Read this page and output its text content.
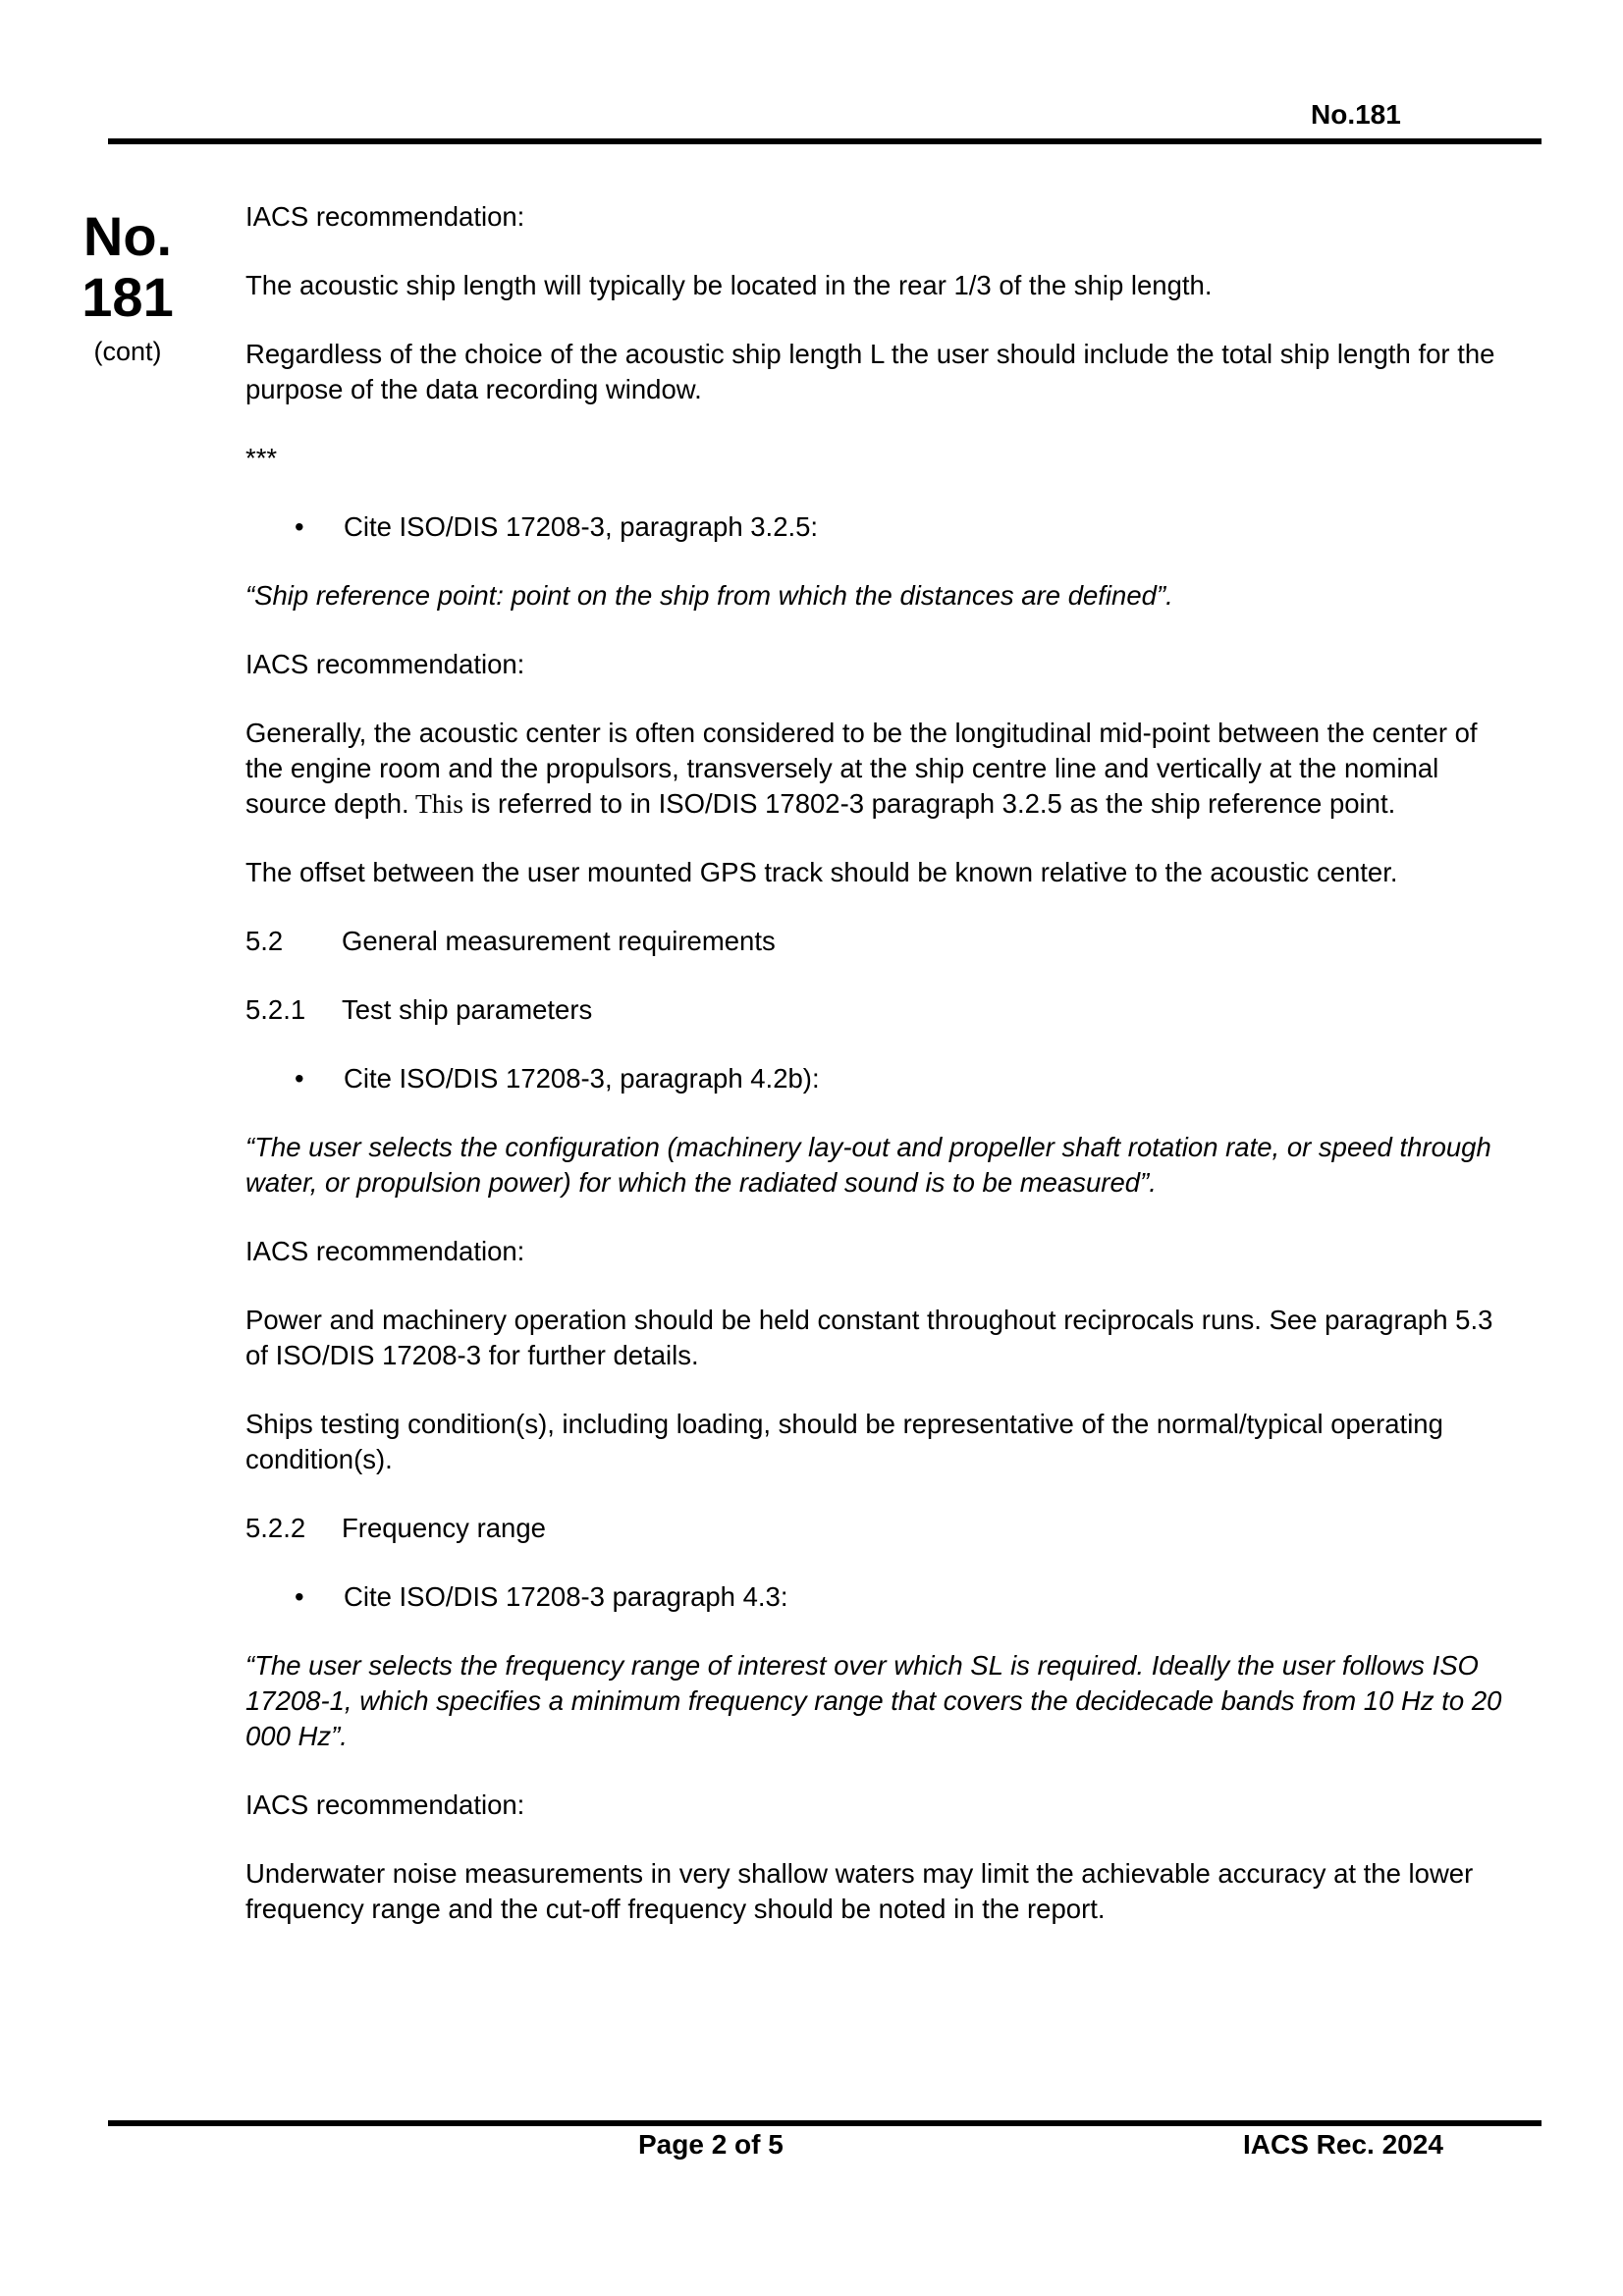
No.181
No.
181
(cont)

IACS recommendation:

The acoustic ship length will typically be located in the rear 1/3 of the ship length.

Regardless of the choice of the acoustic ship length L the user should include the total ship length for the purpose of the data recording window.

***

• Cite ISO/DIS 17208-3, paragraph 3.2.5:

“Ship reference point: point on the ship from which the distances are defined”.

IACS recommendation:

Generally, the acoustic center is often considered to be the longitudinal mid-point between the center of the engine room and the propulsors, transversely at the ship centre line and vertically at the nominal source depth. This is referred to in ISO/DIS 17802-3 paragraph 3.2.5 as the ship reference point.

The offset between the user mounted GPS track should be known relative to the acoustic center.

5.2	General measurement requirements
5.2.1	Test ship parameters
• Cite ISO/DIS 17208-3, paragraph 4.2b):

“The user selects the configuration (machinery lay-out and propeller shaft rotation rate, or speed through water, or propulsion power) for which the radiated sound is to be measured”.

IACS recommendation:

Power and machinery operation should be held constant throughout reciprocals runs. See paragraph 5.3 of ISO/DIS 17208-3 for further details.

Ships testing condition(s), including loading, should be representative of the normal/typical operating condition(s).

5.2.2	Frequency range
• Cite ISO/DIS 17208-3 paragraph 4.3:

“The user selects the frequency range of interest over which SL is required. Ideally the user follows ISO 17208-1, which specifies a minimum frequency range that covers the decidecade bands from 10 Hz to 20 000 Hz”.

IACS recommendation:

Underwater noise measurements in very shallow waters may limit the achievable accuracy at the lower frequency range and the cut-off frequency should be noted in the report.

Page 2 of 5	IACS Rec. 2024
